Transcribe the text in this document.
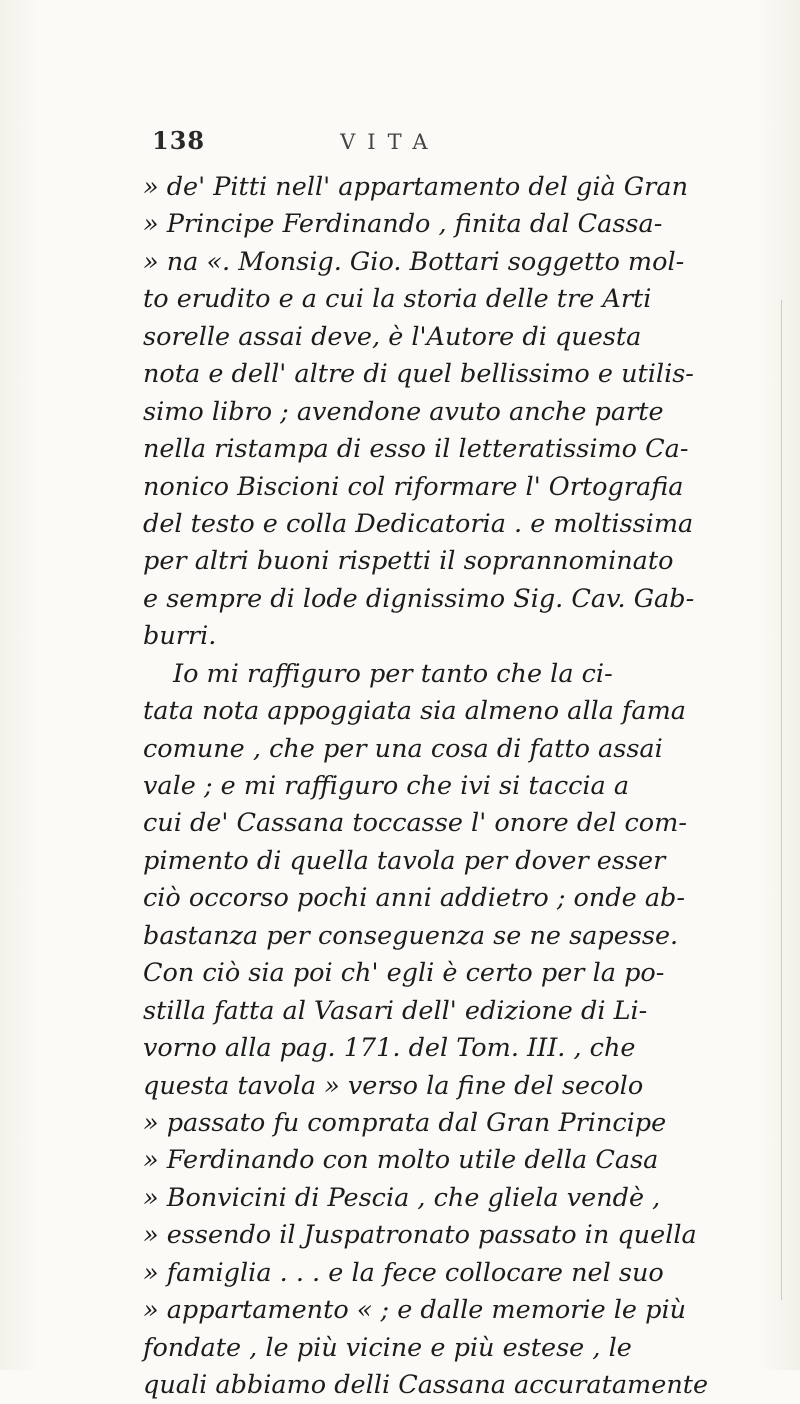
138	VITA
» de' Pitti nell' appartamento del già Gran
» Principe Ferdinando , finita dal Cassa-
» na «. Monsig. Gio. Bottari soggetto mol-
to erudito e a cui la storia delle tre Arti
sorelle assai deve, è l'Autore di questa
nota e dell' altre di quel bellissimo e utilis-
simo libro ; avendone avuto anche parte
nella ristampa di esso il letteratissimo Ca-
nonico Biscioni col riformare l' Ortografia
del testo e colla Dedicatoria . e moltissima
per altri buoni rispetti il soprannominato
e sempre di lode dignissimo Sig. Cav. Gab-
burri.
Io mi raffiguro per tanto che la ci-
tata nota appoggiata sia almeno alla fama
comune , che per una cosa di fatto assai
vale ; e mi raffiguro che ivi si taccia a
cui de' Cassana toccasse l' onore del com-
pimento di quella tavola per dover esser
ciò occorso pochi anni addietro ; onde ab-
bastanza per conseguenza se ne sapesse.
Con ciò sia poi ch' egli è certo per la po-
stilla fatta al Vasari dell' edizione di Li-
vorno alla pag. 171. del Tom. III. , che
questa tavola » verso la fine del secolo
» passato fu comprata dal Gran Principe
» Ferdinando con molto utile della Casa
» Bonvicini di Pescia , che gliela vendè ,
» essendo il Juspatronato passato in quella
» famiglia . . . e la fece collocare nel suo
» appartamento « ; e dalle memorie le più
fondate , le più vicine e più estese , le
quali abbiamo delli Cassana accuratamente
